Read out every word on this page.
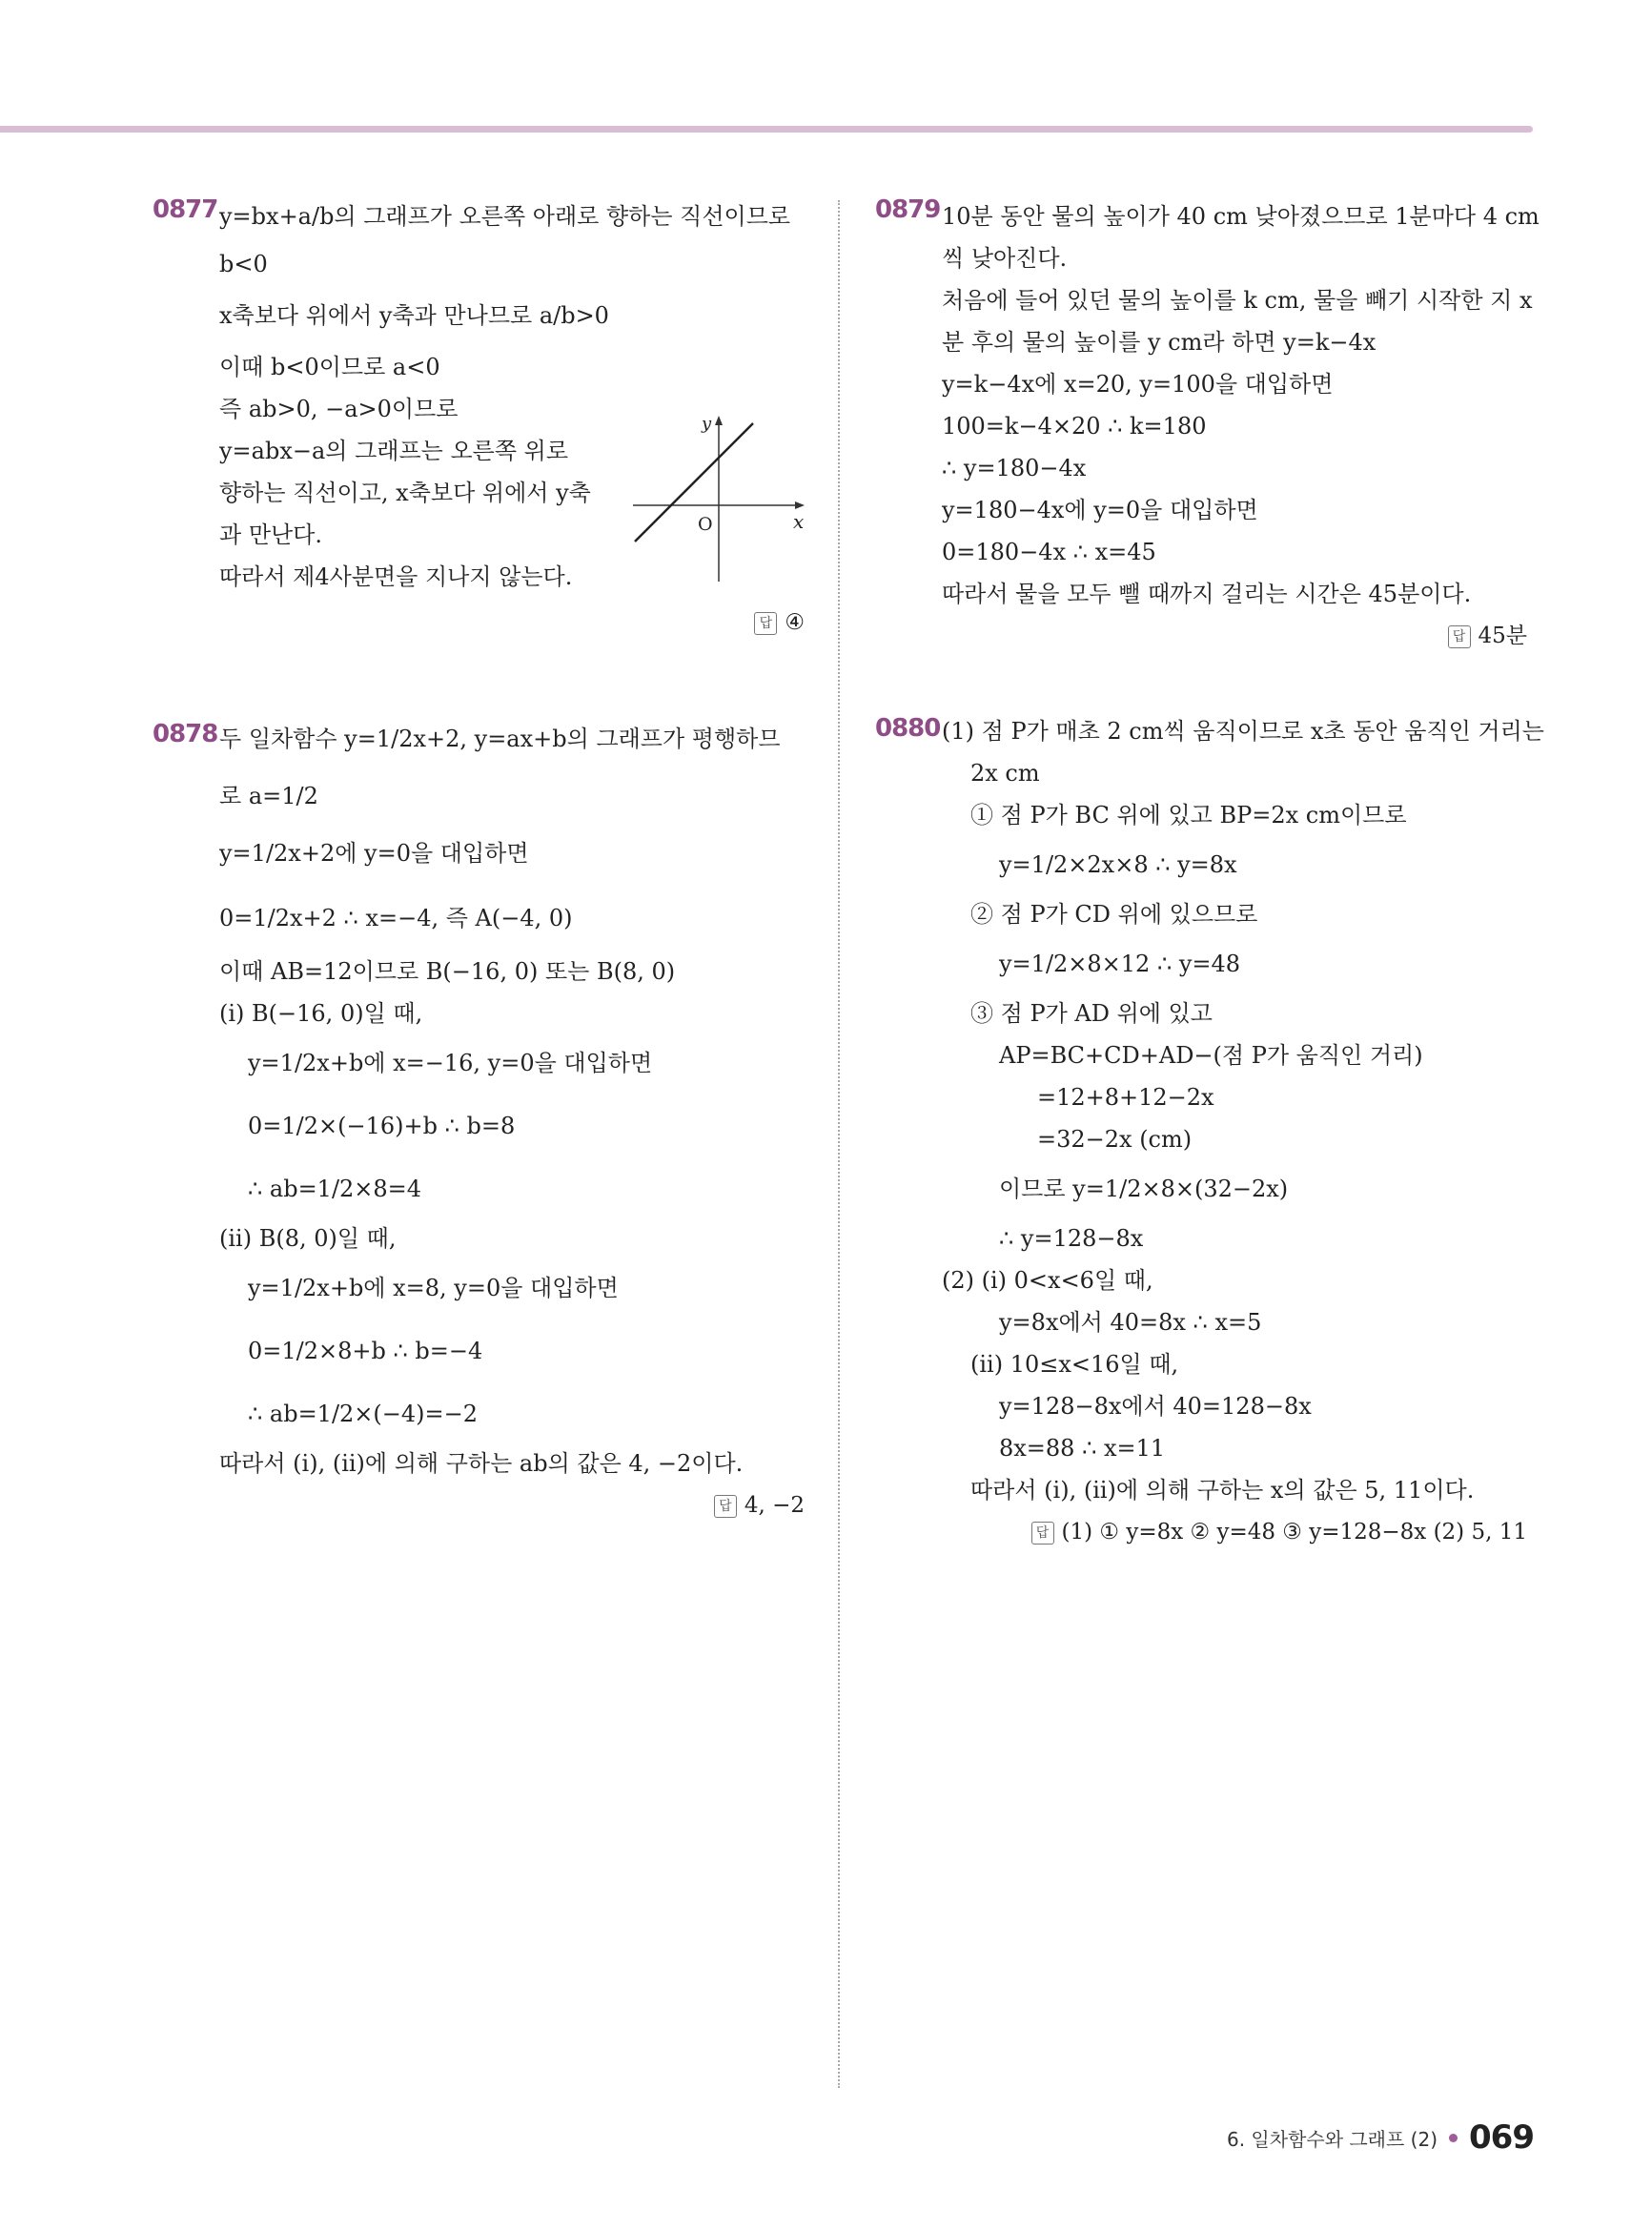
0877 y=bx+a/b의 그래프가 오른쪽 아래로 향하는 직선이므로
b<0
x축보다 위에서 y축과 만나므로 a/b>0
이때 b<0이므로 a<0
즉 ab>0, −a>0이므로
y=abx−a의 그래프는 오른쪽 위로
향하는 직선이고, x축보다 위에서 y축
과 만난다.
따라서 제4사분면을 지나지 않는다.
답 ④
x
y
O
0878 두 일차함수 y=1/2x+2, y=ax+b의 그래프가 평행하므
로 a=1/2
y=1/2x+2에 y=0을 대입하면
0=1/2x+2 ∴ x=−4, 즉 A(−4, 0)
이때 AB=12이므로 B(−16, 0) 또는 B(8, 0)
(i) B(−16, 0)일 때,
y=1/2x+b에 x=−16, y=0을 대입하면
0=1/2×(−16)+b ∴ b=8
∴ ab=1/2×8=4
(ii) B(8, 0)일 때,
y=1/2x+b에 x=8, y=0을 대입하면
0=1/2×8+b ∴ b=−4
∴ ab=1/2×(−4)=−2
따라서 (i), (ii)에 의해 구하는 ab의 값은 4, −2이다.
답 4, −2
0879 10분 동안 물의 높이가 40 cm 낮아졌으므로 1분마다 4 cm
씩 낮아진다.
처음에 들어 있던 물의 높이를 k cm, 물을 빼기 시작한 지 x
분 후의 물의 높이를 y cm라 하면 y=k−4x
y=k−4x에 x=20, y=100을 대입하면
100=k−4×20 ∴ k=180
∴ y=180−4x
y=180−4x에 y=0을 대입하면
0=180−4x ∴ x=45
따라서 물을 모두 뺄 때까지 걸리는 시간은 45분이다.
답 45분
0880 (1) 점 P가 매초 2 cm씩 움직이므로 x초 동안 움직인 거리는
2x cm
① 점 P가 BC 위에 있고 BP=2x cm이므로
y=1/2×2x×8 ∴ y=8x
② 점 P가 CD 위에 있으므로
y=1/2×8×12 ∴ y=48
③ 점 P가 AD 위에 있고
AP=BC+CD+AD−(점 P가 움직인 거리)
=12+8+12−2x
=32−2x (cm)
이므로 y=1/2×8×(32−2x)
∴ y=128−8x
(2) (i) 0<x<6일 때,
y=8x에서 40=8x ∴ x=5
(ii) 10≤x<16일 때,
y=128−8x에서 40=128−8x
8x=88 ∴ x=11
따라서 (i), (ii)에 의해 구하는 x의 값은 5, 11이다.
답 (1) ① y=8x ② y=48 ③ y=128−8x (2) 5, 11
6. 일차함수와 그래프 (2) 069
